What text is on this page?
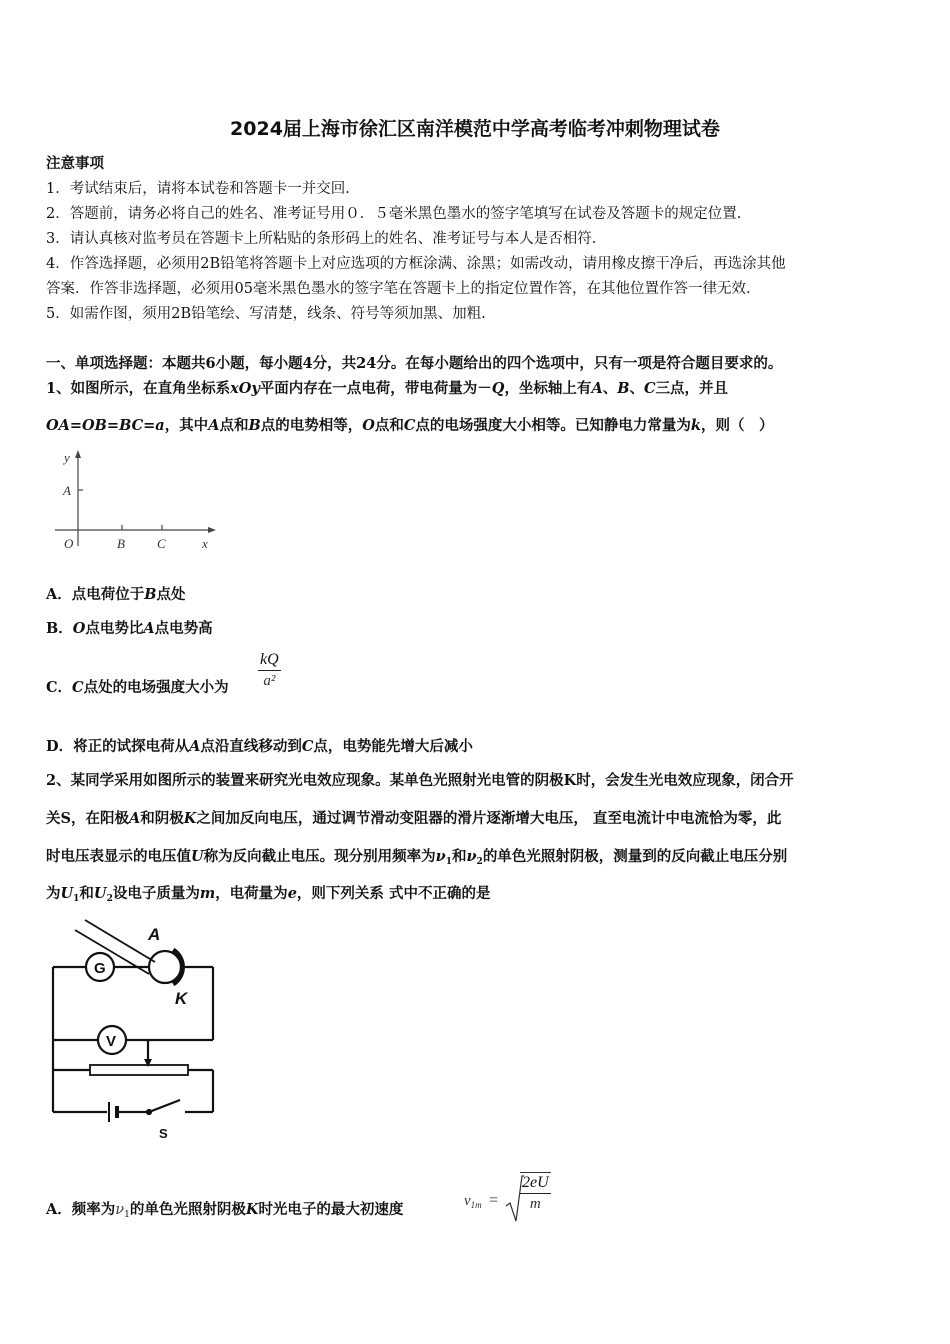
2024届上海市徐汇区南洋模范中学高考临考冲刺物理试卷
注意事项
1．考试结束后，请将本试卷和答题卡一并交回.
2．答题前，请务必将自己的姓名、准考证号用０．５毫米黑色墨水的签字笔填写在试卷及答题卡的规定位置.
3．请认真核对监考员在答题卡上所粘贴的条形码上的姓名、准考证号与本人是否相符.
4．作答选择题，必须用2B铅笔将答题卡上对应选项的方框涂满、涂黑；如需改动，请用橡皮擦干净后，再选涂其他
答案．作答非选择题，必须用05毫米黑色墨水的签字笔在答题卡上的指定位置作答，在其他位置作答一律无效.
5．如需作图，须用2B铅笔绘、写清楚，线条、符号等须加黑、加粗.
一、单项选择题：本题共6小题，每小题4分，共24分。在每小题给出的四个选项中，只有一项是符合题目要求的。
1、如图所示，在直角坐标系xOy平面内存在一点电荷，带电荷量为－Q，坐标轴上有A、B、C三点，并且
OA=OB=BC=a，其中A点和B点的电势相等，O点和C点的电场强度大小相等。已知静电力常量为k，则（　）
y
A
O	B C	x
A．点电荷位于B点处
B．O点电势比A点电势高
C．C点处的电场强度大小为 $\frac{kQ}{\text{a²}}$
D．将正的试探电荷从A点沿直线移动到C点，电势能先增大后减小
2、某同学采用如图所示的装置来研究光电效应现象。某单色光照射光电管的阴极K时，会发生光电效应现象，闭合开
关S，在阳极A和阴极K之间加反向电压，通过调节滑动变阻器的滑片逐渐增大电压， 直至电流计中电流恰为零，此
时电压表显示的电压值U称为反向截止电压。现分别用频率为$\nu_1$和$\nu_2$的单色光照射阴极，测量到的反向截止电压分别
为$U_1$和$U_2$设电子质量为m，电荷量为e，则下列关系 式中不正确的是
G
A
K
V
S
A．频率为$\nu_1$的单色光照射阴极K时光电子的最大初速度	$v_{1m} = \frac{2eU}{m}$
